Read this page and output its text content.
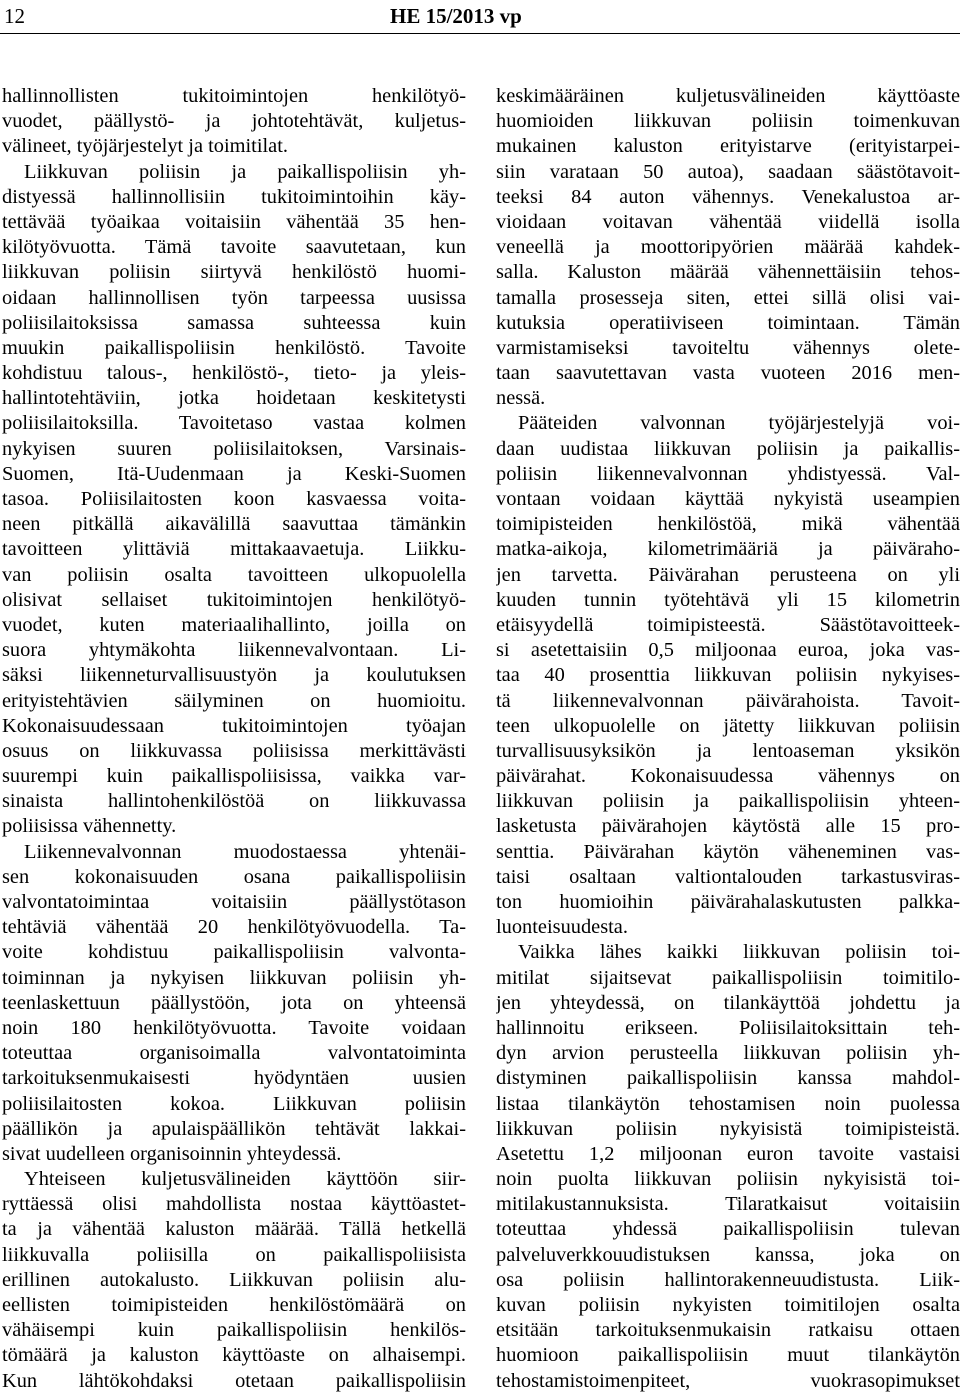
12	HE 15/2013 vp
hallinnollisten tukitoimintojen henkilötyö-
vuodet, päällystö- ja johtotehtävät, kuljetus-
välineet, työjärjestelyt ja toimitilat.
Liikkuvan poliisin ja paikallispoliisin yh-
distyessä hallinnollisiin tukitoimintoihin käy-
tettävää työaikaa voitaisiin vähentää 35 hen-
kilötyövuotta. Tämä tavoite saavutetaan, kun
liikkuvan poliisin siirtyvä henkilöstö huomi-
oidaan hallinnollisen työn tarpeessa uusissa
poliisilaitoksissa samassa suhteessa kuin
muukin paikallispoliisin henkilöstö. Tavoite
kohdistuu talous-, henkilöstö-, tieto- ja yleis-
hallintotehtäviin, jotka hoidetaan keskitetysti
poliisilaitoksilla. Tavoitetaso vastaa kolmen
nykyisen suuren poliisilaitoksen, Varsinais-
Suomen, Itä-Uudenmaan ja Keski-Suomen
tasoa. Poliisilaitosten koon kasvaessa voita-
neen pitkällä aikavälillä saavuttaa tämänkin
tavoitteen ylittäviä mittakaavaetuja. Liikku-
van poliisin osalta tavoitteen ulkopuolella
olisivat sellaiset tukitoimintojen henkilötyö-
vuodet, kuten materiaalihallinto, joilla on
suora yhtymäkohta liikennevalvontaan. Li-
säksi liikenneturvallisuustyön ja koulutuksen
erityistehtävien säilyminen on huomioitu.
Kokonaisuudessaan tukitoimintojen työajan
osuus on liikkuvassa poliisissa merkittävästi
suurempi kuin paikallispoliisissa, vaikka var-
sinaista hallintohenkilöstöä on liikkuvassa
poliisissa vähennetty.
Liikennevalvonnan muodostaessa yhtenäi-
sen kokonaisuuden osana paikallispoliisin
valvontatoimintaa voitaisiin päällystötason
tehtäviä vähentää 20 henkilötyövuodella. Ta-
voite kohdistuu paikallispoliisin valvonta-
toiminnan ja nykyisen liikkuvan poliisin yh-
teenlaskettuun päällystöön, jota on yhteensä
noin 180 henkilötyövuotta. Tavoite voidaan
toteuttaa organisoimalla valvontatoiminta
tarkoituksenmukaisesti hyödyntäen uusien
poliisilaitosten kokoa. Liikkuvan poliisin
päällikön ja apulaispäällikön tehtävät lakkai-
sivat uudelleen organisoinnin yhteydessä.
Yhteiseen kuljetusvälineiden käyttöön siir-
ryttäessä olisi mahdollista nostaa käyttöastet-
ta ja vähentää kaluston määrää. Tällä hetkellä
liikkuvalla poliisilla on paikallispoliisista
erillinen autokalusto. Liikkuvan poliisin alu-
eellisten toimipisteiden henkilöstömäärä on
vähäisempi kuin paikallispoliisin henkilös-
tömäärä ja kaluston käyttöaste on alhaisempi.
Kun lähtökohdaksi otetaan paikallispoliisin
keskimääräinen kuljetusvälineiden käyttöaste
huomioiden liikkuvan poliisin toimenkuvan
mukainen kaluston erityistarve (erityistarpei-
siin varataan 50 autoa), saadaan säästötavoit-
teeksi 84 auton vähennys. Venekalustoa ar-
vioidaan voitavan vähentää viidellä isolla
veneellä ja moottoripyörien määrää kahdek-
salla. Kaluston määrää vähennettäisiin tehos-
tamalla prosesseja siten, ettei sillä olisi vai-
kutuksia operatiiviseen toimintaan. Tämän
varmistamiseksi tavoiteltu vähennys olete-
taan saavutettavan vasta vuoteen 2016 men-
nessä.
Pääteiden valvonnan työjärjestelyjä voi-
daan uudistaa liikkuvan poliisin ja paikallis-
poliisin liikennevalvonnan yhdistyessä. Val-
vontaan voidaan käyttää nykyistä useampien
toimipisteiden henkilöstöä, mikä vähentää
matka-aikoja, kilometrimääriä ja päivärahо-
jen tarvetta. Päivärahan perusteena on yli
kuuden tunnin työtehtävä yli 15 kilometrin
etäisyydellä toimipisteestä. Säästötavoitteek-
si asetettaisiin 0,5 miljoonaa euroa, joka vas-
taa 40 prosenttia liikkuvan poliisin nykyises-
tä liikennevalvonnan päivärahoista. Tavoit-
teen ulkopuolelle on jätetty liikkuvan poliisin
turvallisuusyksikön ja lentoaseman yksikön
päivärahat. Kokonaisuudessa vähennys on
liikkuvan poliisin ja paikallispoliisin yhteen-
lasketusta päivärahojen käytöstä alle 15 pro-
senttia. Päivärahan käytön väheneminen vas-
taisi osaltaan valtiontalouden tarkastusviras-
ton huomioihin päivärahalaskutusten palkka-
luonteisuudesta.
Vaikka lähes kaikki liikkuvan poliisin toi-
mitilat sijaitsevat paikallispoliisin toimitilo-
jen yhteydessä, on tilankäyttöä johdettu ja
hallinnoitu erikseen. Poliisilaitoksittain teh-
dyn arvion perusteella liikkuvan poliisin yh-
distyminen paikallispoliisin kanssa mahdol-
listaa tilankäytön tehostamisen noin puolessa
liikkuvan poliisin nykyisistä toimipisteistä.
Asetettu 1,2 miljoonan euron tavoite vastaisi
noin puolta liikkuvan poliisin nykyisistä toi-
mitilakustannuksista. Tilaratkaisut voitaisiin
toteuttaa yhdessä paikallispoliisin tulevan
palveluverkkouudistuksen kanssa, joka on
osa poliisin hallintorakenneuudistusta. Liik-
kuvan poliisin nykyisten toimitilojen osalta
etsitään tarkoituksenmukaisin ratkaisu ottaen
huomioon paikallispoliisin muut tilankäytön
tehostamistoimenpiteet, vuokrasopimukset
